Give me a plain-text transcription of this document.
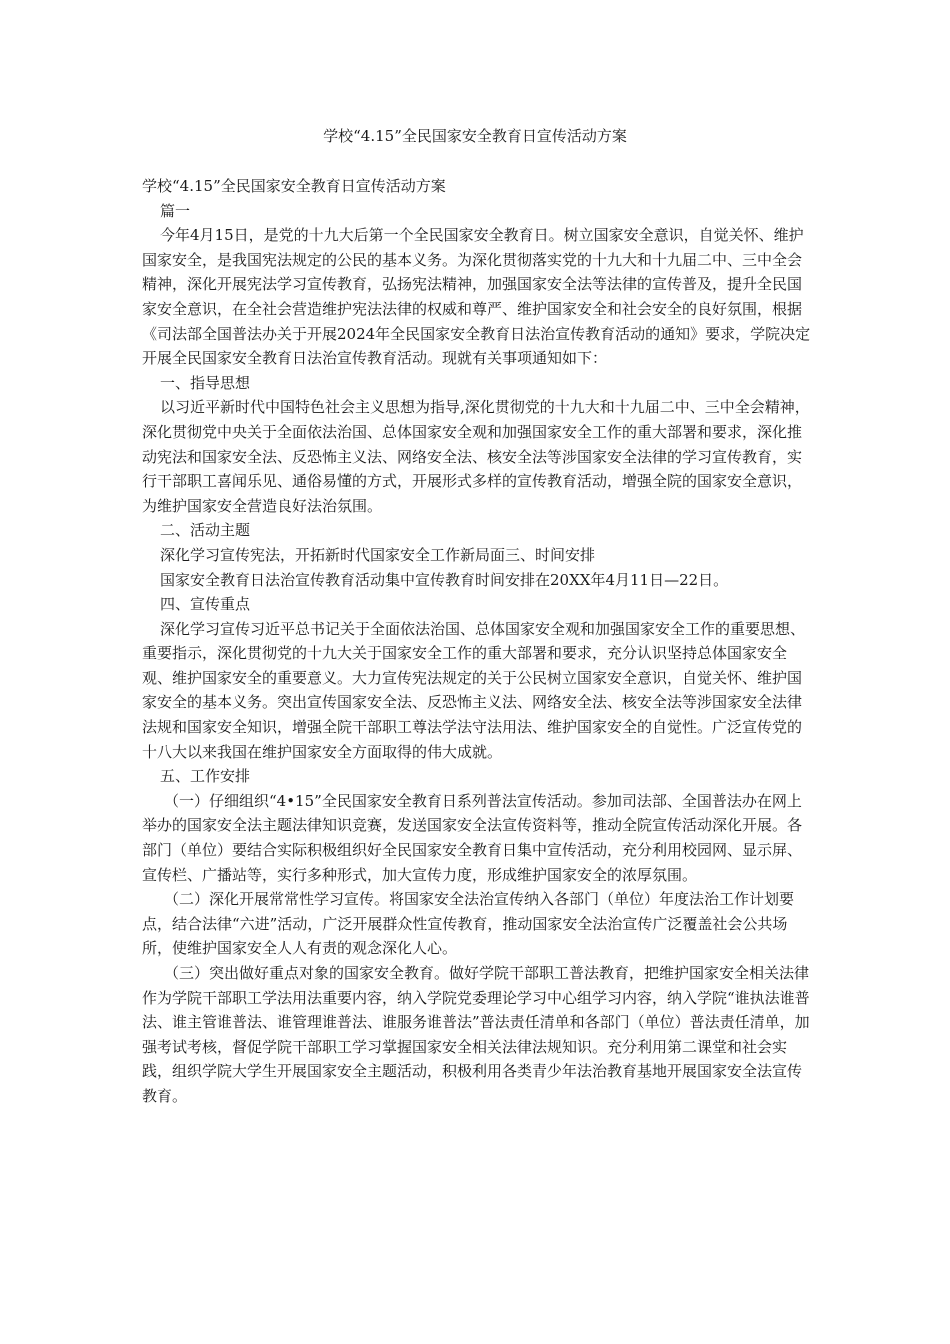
学校“4.15”全民国家安全教育日宣传活动方案

学校“4.15”全民国家安全教育日宣传活动方案

篇一

今年4月15日，是党的十九大后第一个全民国家安全教育日。树立国家安全意识，自觉关怀、维护国家安全，是我国宪法规定的公民的基本义务。为深化贯彻落实党的十九大和十九届二中、三中全会精神，深化开展宪法学习宣传教育，弘扬宪法精神，加强国家安全法等法律的宣传普及，提升全民国家安全意识，在全社会营造维护宪法法律的权威和尊严、维护国家安全和社会安全的良好氛围，根据《司法部全国普法办关于开展2024年全民国家安全教育日法治宣传教育活动的通知》要求，学院决定开展全民国家安全教育日法治宣传教育活动。现就有关事项通知如下：

一、指导思想

以习近平新时代中国特色社会主义思想为指导,深化贯彻党的十九大和十九届二中、三中全会精神，深化贯彻党中央关于全面依法治国、总体国家安全观和加强国家安全工作的重大部署和要求，深化推动宪法和国家安全法、反恐怖主义法、网络安全法、核安全法等涉国家安全法律的学习宣传教育，实行干部职工喜闻乐见、通俗易懂的方式，开展形式多样的宣传教育活动，增强全院的国家安全意识，为维护国家安全营造良好法治氛围。

二、活动主题

深化学习宣传宪法，开拓新时代国家安全工作新局面三、时间安排

国家安全教育日法治宣传教育活动集中宣传教育时间安排在20XX年4月11日—22日。

四、宣传重点

深化学习宣传习近平总书记关于全面依法治国、总体国家安全观和加强国家安全工作的重要思想、重要指示，深化贯彻党的十九大关于国家安全工作的重大部署和要求，充分认识坚持总体国家安全观、维护国家安全的重要意义。大力宣传宪法规定的关于公民树立国家安全意识，自觉关怀、维护国家安全的基本义务。突出宣传国家安全法、反恐怖主义法、网络安全法、核安全法等涉国家安全法律法规和国家安全知识，增强全院干部职工尊法学法守法用法、维护国家安全的自觉性。广泛宣传党的十八大以来我国在维护国家安全方面取得的伟大成就。

五、工作安排

（一）仔细组织“4•15”全民国家安全教育日系列普法宣传活动。参加司法部、全国普法办在网上举办的国家安全法主题法律知识竞赛，发送国家安全法宣传资料等，推动全院宣传活动深化开展。各部门（单位）要结合实际积极组织好全民国家安全教育日集中宣传活动，充分利用校园网、显示屏、宣传栏、广播站等，实行多种形式，加大宣传力度，形成维护国家安全的浓厚氛围。

（二）深化开展常常性学习宣传。将国家安全法治宣传纳入各部门（单位）年度法治工作计划要点，结合法律“六进”活动，广泛开展群众性宣传教育，推动国家安全法治宣传广泛覆盖社会公共场所，使维护国家安全人人有责的观念深化人心。

（三）突出做好重点对象的国家安全教育。做好学院干部职工普法教育，把维护国家安全相关法律作为学院干部职工学法用法重要内容，纳入学院党委理论学习中心组学习内容，纳入学院“谁执法谁普法、谁主管谁普法、谁管理谁普法、谁服务谁普法”普法责任清单和各部门（单位）普法责任清单，加强考试考核，督促学院干部职工学习掌握国家安全相关法律法规知识。充分利用第二课堂和社会实践，组织学院大学生开展国家安全主题活动，积极利用各类青少年法治教育基地开展国家安全法宣传教育。
